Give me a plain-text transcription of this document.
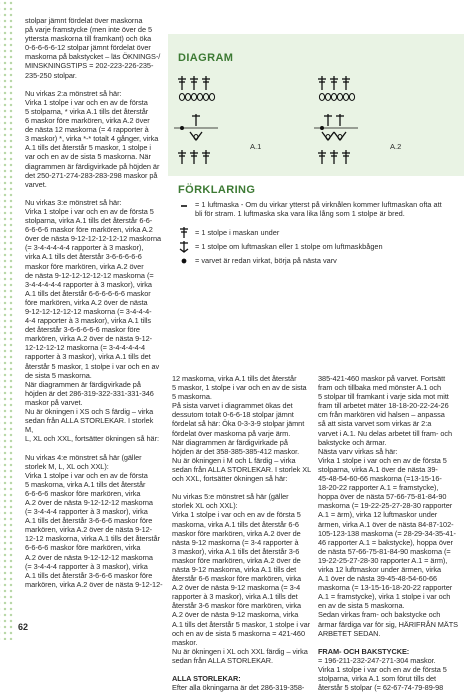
stolpar jämnt fördelat över maskorna
på varje framstycke (men inte över de 5
yttersta maskorna till framkant) och öka
0-6-6-6-6-12 stolpar jämnt fördelat över
maskorna på bakstycket – läs ÖKNINGS-/
MINSKNINGSTIPS = 202-223-226-235-
235-250 stolpar.

Nu virkas 2:a mönstret så här:
Virka 1 stolpe i var och en av de första
5 stolparna, * virka A.1 tills det återstår
6 maskor före markören, virka A.2 över
de nästa 12 maskorna (= 4 rapporter à
3 maskor) *, virka *-* totalt 4 gånger, virka
A.1 tills det återstår 5 maskor, 1 stolpe i
var och en av de sista 5 maskorna. När
diagrammen är färdigvirkade på höjden är
det 250-271-274-283-283-298 maskor på
varvet.

Nu virkas 3:e mönstret så här:
Virka 1 stolpe i var och en av de första 5
stolparna, virka A.1 tills det återstår 6-6-
6-6-6-6 maskor före markören, virka A.2
över de nästa 9-12-12-12-12-12 maskorna
(= 3-4-4-4-4-4 rapporter à 3 maskor),
virka A.1 tills det återstår 3-6-6-6-6-6
maskor före markören, virka A.2 över
de nästa 9-12-12-12-12-12 maskorna (=
3-4-4-4-4-4 rapporter à 3 maskor), virka
A.1 tills det återstår 6-6-6-6-6-6 maskor
före markören, virka A.2 över de nästa
9-12-12-12-12-12 maskorna (= 3-4-4-4-
4-4 rapporter à 3 maskor), virka A.1 tills
det återstår 3-6-6-6-6-6 maskor före
markören, virka A.2 över de nästa 9-12-
12-12-12-12 maskorna (= 3-4-4-4-4-4
rapporter à 3 maskor), virka A.1 tills det
återstår 5 maskor, 1 stolpe i var och en av
de sista 5 maskorna.
När diagrammen är färdigvirkade på
höjden är det 286-319-322-331-331-346
maskor på varvet.
Nu är ökningen i XS och S färdig – virka
sedan från ALLA STORLEKAR. I storlek M,
L, XL och XXL, fortsätter ökningen så här:

Nu virkas 4:e mönstret så här (gäller
storlek M, L, XL och XXL):
Virka 1 stolpe i var och en av de första
5 maskorna, virka A.1 tills det återstår
6-6-6-6 maskor före markören, virka
A.2 över de nästa 9-12-12-12 maskorna
(= 3-4-4-4 rapporter à 3 maskor), virka
A.1 tills det återstår 3-6-6-6 maskor före
markören, virka A.2 över de nästa 9-12-
12-12 maskorna, virka A.1 tills det återstår
6-6-6-6 maskor före markören, virka
A.2 över de nästa 9-12-12-12 maskorna
(= 3-4-4-4 rapporter à 3 maskor), virka
A.1 tills det återstår 3-6-6-6 maskor före
markören, virka A.2 över de nästa 9-12-12-

DIAGRAM
A.1	A.2
FÖRKLARING
= 1 luftmaska - Om du virkar ytterst på virknålen kommer luftmaskan ofta att
bli för stram. 1 luftmaska ska vara lika lång som 1 stolpe är bred.
= 1 stolpe i maskan under
= 1 stolpe om luftmaskan eller 1 stolpe om luftmaskbågen
= varvet är redan virkat, börja på nästa varv

12 maskorna, virka A.1 tills det återstår
5 maskor, 1 stolpe i var och en av de sista
5 maskorna.
På sista varvet i diagrammet ökas det
dessutom totalt 0-6-6-18 stolpar jämnt
fördelat så här: Öka 0-3-3-9 stolpar jämnt
fördelat över maskorna på varje ärm.
När diagrammen är färdigvirkade på
höjden är det 358-385-385-412 maskor.
Nu är ökningen i M och L färdig – virka
sedan från ALLA STORLEKAR. I storlek XL
och XXL, fortsätter ökningen så här:

Nu virkas 5:e mönstret så här (gäller
storlek XL och XXL):
Virka 1 stolpe i var och en av de första 5
maskorna, virka A.1 tills det återstår 6-6
maskor före markören, virka A.2 över de
nästa 9-12 maskorna (= 3-4 rapporter à
3 maskor), virka A.1 tills det återstår 3-6
maskor före markören, virka A.2 över de
nästa 9-12 maskorna, virka A.1 tills det
återstår 6-6 maskor före markören, virka
A.2 över de nästa 9-12 maskorna (= 3-4
rapporter à 3 maskor), virka A.1 tills det
återstår 3-6 maskor före markören, virka
A.2 över de nästa 9-12 maskorna, virka
A.1 tills det återstår 5 maskor, 1 stolpe i var
och en av de sista 5 maskorna = 421-460
maskor.
Nu är ökningen i XL och XXL färdig – virka
sedan från ALLA STORLEKAR.

ALLA STORLEKAR:

Efter alla ökningarna är det 286-319-358-

385-421-460 maskor på varvet. Fortsätt
fram och tillbaka med mönster A.1 och
5 stolpar till framkant i varje sida mot mitt
fram till arbetet mäter 18-18-20-22-24-26
cm från markören vid halsen – anpassa
så att sista varvet som virkas är 2:a
varvet i A.1. Nu delas arbetet till fram- och
bakstycke och ärmar.
Nästa varv virkas så här:
Virka 1 stolpe i var och en av de första 5
stolparna, virka A.1 över de nästa 39-
45-48-54-60-66 maskorna (=13-15-16-
18-20-22 rapporter A.1 = framstycke),
hoppa över de nästa 57-66-75-81-84-90
maskorna (= 19-22-25-27-28-30 rapporter
A.1 = ärm), virka 12 luftmaskor under
ärmen, virka A.1 över de nästa 84-87-102-
105-123-138 maskorna (= 28-29-34-35-41-
46 rapporter A.1 = bakstycke), hoppa över
de nästa 57-66-75-81-84-90 maskorna (=
19-22-25-27-28-30 rapporter A.1 = ärm),
virka 12 luftmaskor under ärmen, virka
A.1 över de nästa 39-45-48-54-60-66
maskorna (= 13-15-16-18-20-22 rapporter
A.1 = framstycke), virka 1 stolpe i var och
en av de sista 5 maskorna.
Sedan virkas fram- och bakstycke och
ärmar färdiga var för sig, HÄRIFRÅN MÄTS
ARBETET SEDAN.

FRAM- OCH BAKSTYCKE:

= 196-211-232-247-271-304 maskor.
Virka 1 stolpe i var och en av de första 5
stolparna, virka A.1 som förut tills det
återstår 5 stolpar (= 62-67-74-79-89-98

62
